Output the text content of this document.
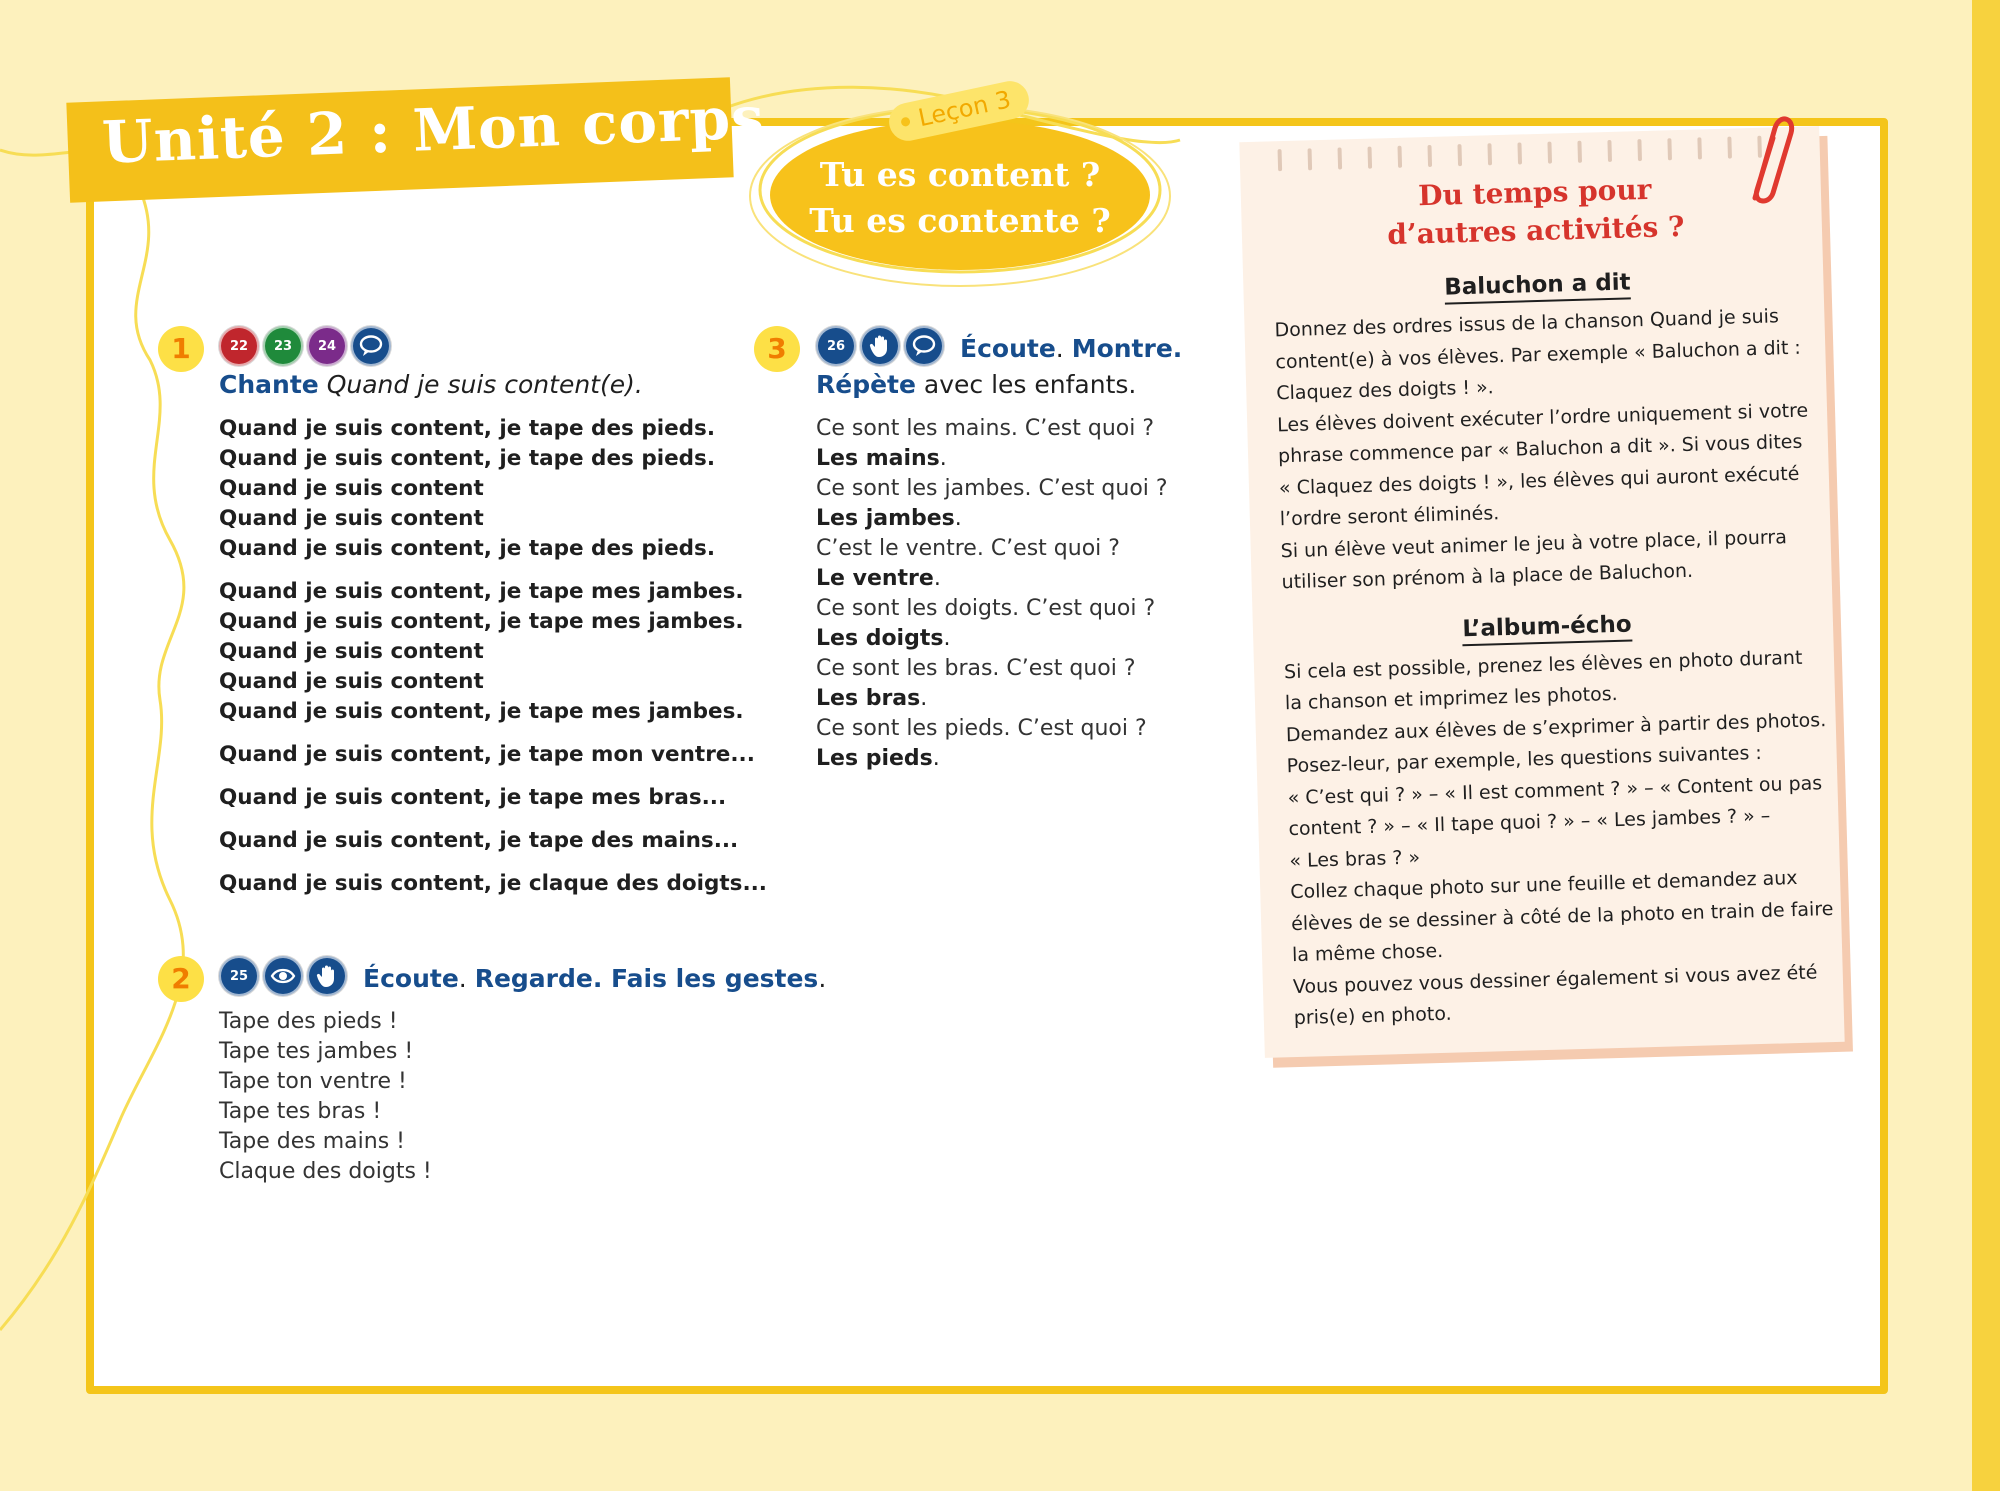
Unité 2 : Mon corps	Leçon 3
Tu es content ?
Tu es contente ?
1	22	23	24
Chante Quand je suis content(e).
Quand je suis content, je tape des pieds.
Quand je suis content, je tape des pieds.
Quand je suis content
Quand je suis content
Quand je suis content, je tape des pieds.
Quand je suis content, je tape mes jambes.
Quand je suis content, je tape mes jambes.
Quand je suis content
Quand je suis content
Quand je suis content, je tape mes jambes.
Quand je suis content, je tape mon ventre...
Quand je suis content, je tape mes bras...
Quand je suis content, je tape des mains...
Quand je suis content, je claque des doigts...
2	25	Écoute. Regarde. Fais les gestes.
Tape des pieds !
Tape tes jambes !
Tape ton ventre !
Tape tes bras !
Tape des mains !
Claque des doigts !
3	26	Écoute. Montre.
Répète avec les enfants.
Ce sont les mains. C’est quoi ?
Les mains.
Ce sont les jambes. C’est quoi ?
Les jambes.
C’est le ventre. C’est quoi ?
Le ventre.
Ce sont les doigts. C’est quoi ?
Les doigts.
Ce sont les bras. C’est quoi ?
Les bras.
Ce sont les pieds. C’est quoi ?
Les pieds.
Du temps pour
d’autres activités ?
Baluchon a dit
Donnez des ordres issus de la chanson Quand je suis
content(e) à vos élèves. Par exemple « Baluchon a dit :
Claquez des doigts ! ».
Les élèves doivent exécuter l’ordre uniquement si votre
phrase commence par « Baluchon a dit ». Si vous dites
« Claquez des doigts ! », les élèves qui auront exécuté
l’ordre seront éliminés.
Si un élève veut animer le jeu à votre place, il pourra
utiliser son prénom à la place de Baluchon.
L’album-écho
Si cela est possible, prenez les élèves en photo durant
la chanson et imprimez les photos.
Demandez aux élèves de s’exprimer à partir des photos.
Posez-leur, par exemple, les questions suivantes :
« C’est qui ? » – « Il est comment ? » – « Content ou pas
content ? » – « Il tape quoi ? » – « Les jambes ? » –
« Les bras ? »
Collez chaque photo sur une feuille et demandez aux
élèves de se dessiner à côté de la photo en train de faire
la même chose.
Vous pouvez vous dessiner également si vous avez été
pris(e) en photo.
